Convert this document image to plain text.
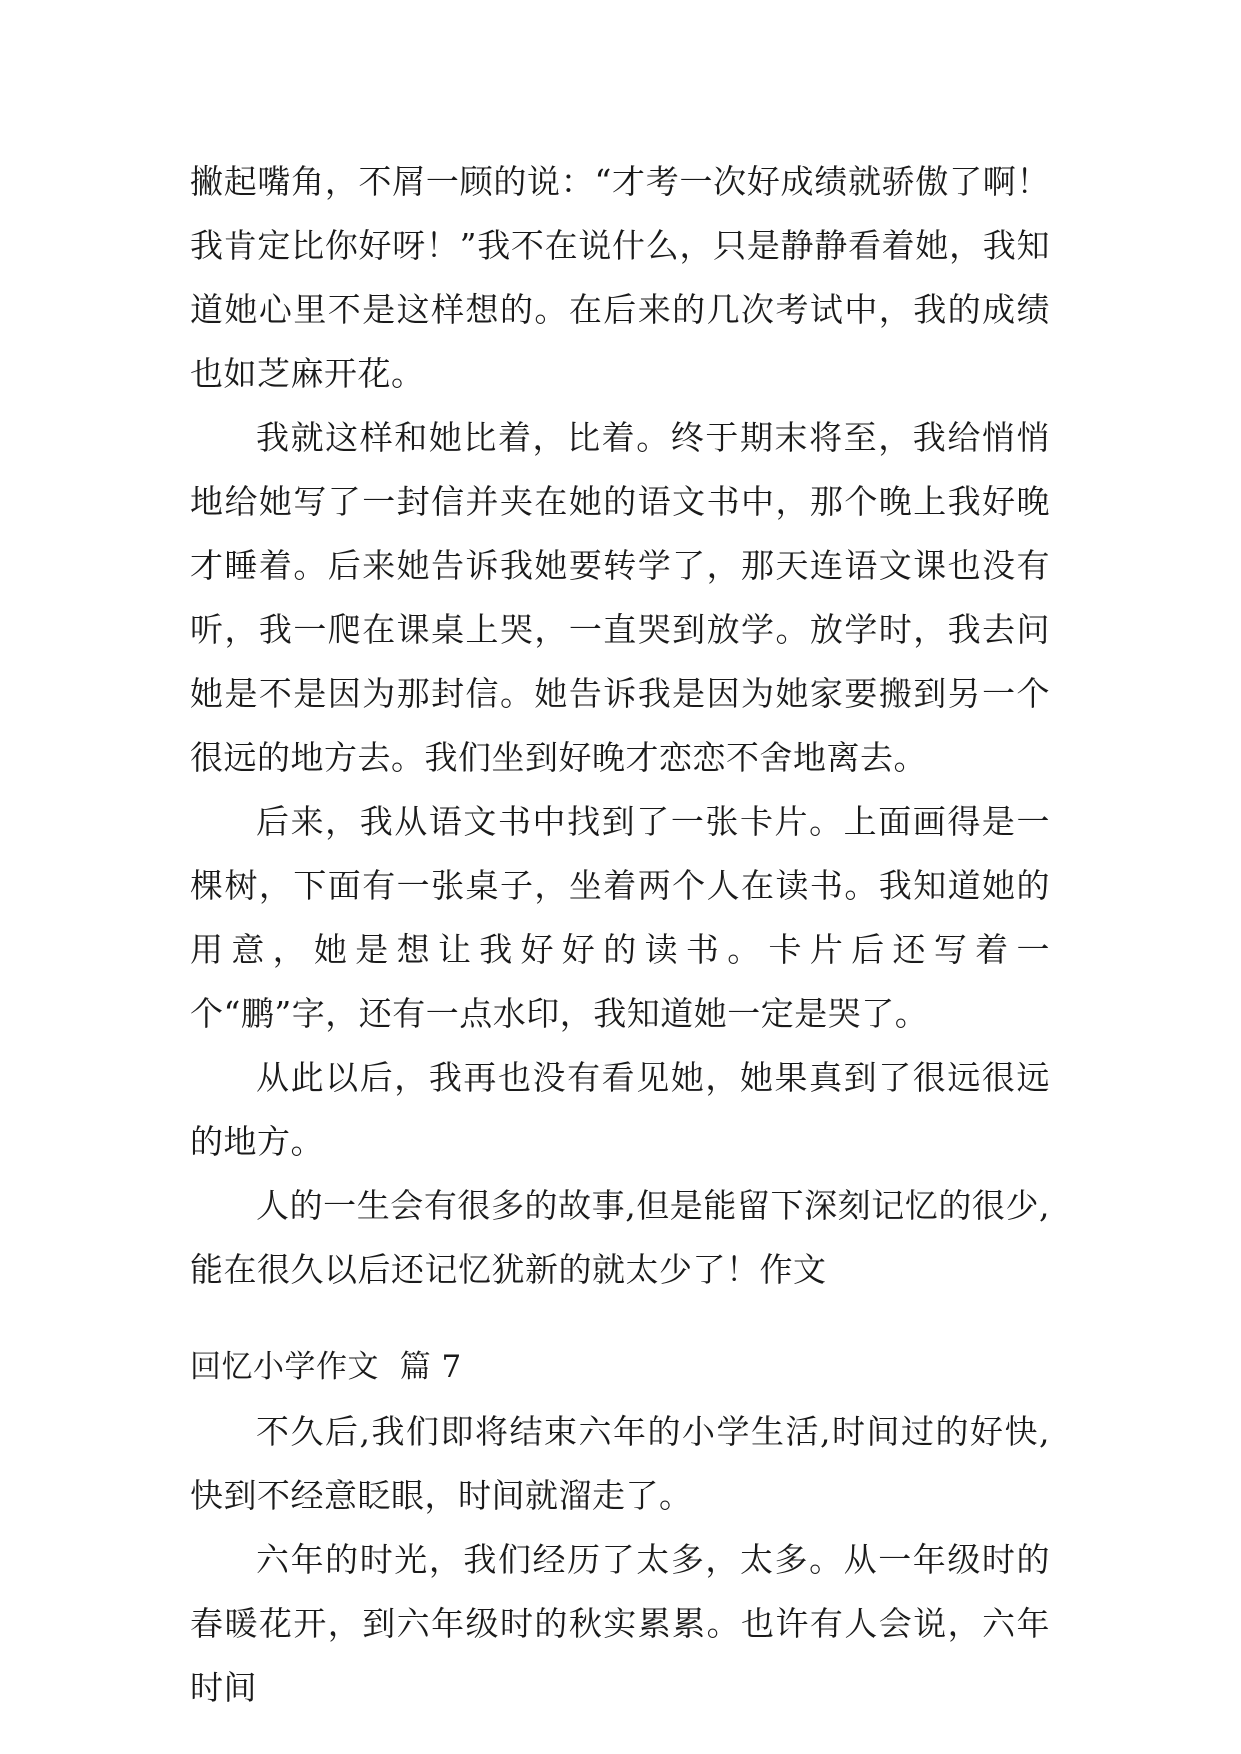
撇起嘴角，不屑一顾的说：“才考一次好成绩就骄傲了啊！我肯定比你好呀！”我不在说什么，只是静静看着她，我知道她心里不是这样想的。在后来的几次考试中，我的成绩也如芝麻开花。

我就这样和她比着，比着。终于期末将至，我给悄悄地给她写了一封信并夹在她的语文书中，那个晚上我好晚才睡着。后来她告诉我她要转学了，那天连语文课也没有听，我一爬在课桌上哭，一直哭到放学。放学时，我去问她是不是因为那封信。她告诉我是因为她家要搬到另一个很远的地方去。我们坐到好晚才恋恋不舍地离去。

后来，我从语文书中找到了一张卡片。上面画得是一棵树，下面有一张桌子，坐着两个人在读书。我知道她的用意，她是想让我好好的读书。卡片后还写着一个“鹏”字，还有一点水印，我知道她一定是哭了。

从此以后，我再也没有看见她，她果真到了很远很远的地方。

人的一生会有很多的故事,但是能留下深刻记忆的很少,能在很久以后还记忆犹新的就太少了！作文

回忆小学作文  篇 7

不久后,我们即将结束六年的小学生活,时间过的好快,快到不经意眨眼，时间就溜走了。

六年的时光，我们经历了太多，太多。从一年级时的春暖花开，到六年级时的秋实累累。也许有人会说，六年时间
